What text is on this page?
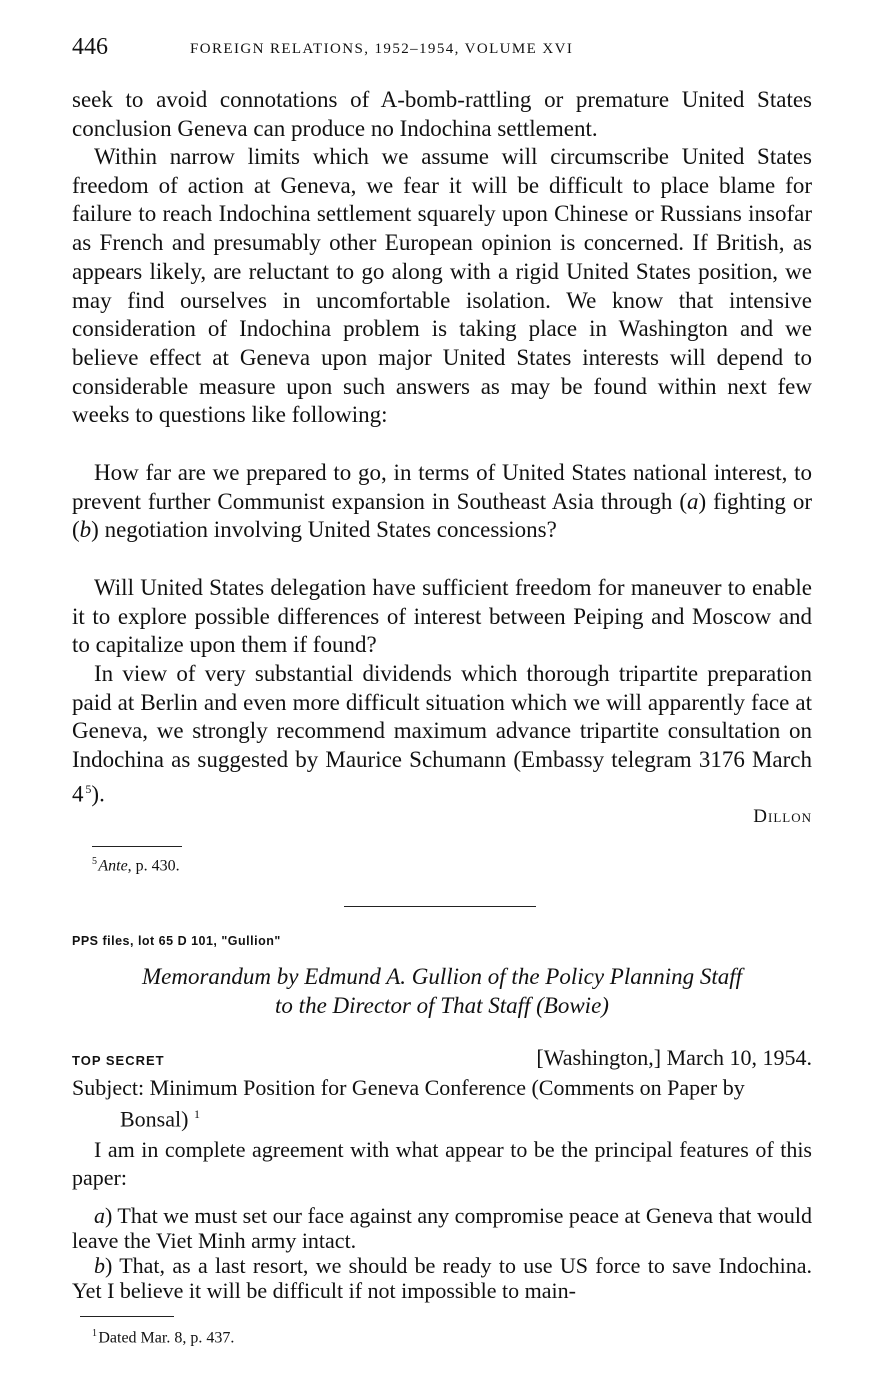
446	FOREIGN RELATIONS, 1952–1954, VOLUME XVI

seek to avoid connotations of A-bomb-rattling or premature United States conclusion Geneva can produce no Indochina settlement.

Within narrow limits which we assume will circumscribe United States freedom of action at Geneva, we fear it will be difficult to place blame for failure to reach Indochina settlement squarely upon Chinese or Russians insofar as French and presumably other European opinion is concerned. If British, as appears likely, are reluctant to go along with a rigid United States position, we may find ourselves in uncomfortable isolation. We know that intensive consideration of Indochina problem is taking place in Washington and we believe effect at Geneva upon major United States interests will depend to considerable measure upon such answers as may be found within next few weeks to questions like following:

How far are we prepared to go, in terms of United States national interest, to prevent further Communist expansion in Southeast Asia through (a) fighting or (b) negotiation involving United States concessions?

Will United States delegation have sufficient freedom for maneuver to enable it to explore possible differences of interest between Peiping and Moscow and to capitalize upon them if found?

In view of very substantial dividends which thorough tripartite preparation paid at Berlin and even more difficult situation which we will apparently face at Geneva, we strongly recommend maximum advance tripartite consultation on Indochina as suggested by Maurice Schumann (Embassy telegram 3176 March 4  $^5$).

Dillon
$^5$ Ante, p. 430.
PPS files, lot 65 D 101, "Gullion"
Memorandum by Edmund A. Gullion of the Policy Planning Staff
to the Director of That Staff (Bowie)
TOP SECRET	[Washington,] March 10, 1954.

Subject: Minimum Position for Geneva Conference (Comments on Paper by Bonsal) $^1$

I am in complete agreement with what appear to be the principal features of this paper:

a) That we must set our face against any compromise peace at Geneva that would leave the Viet Minh army intact.

b) That, as a last resort, we should be ready to use US force to save Indochina. Yet I believe it will be difficult if not impossible to main-

$^1$ Dated Mar. 8, p. 437.
